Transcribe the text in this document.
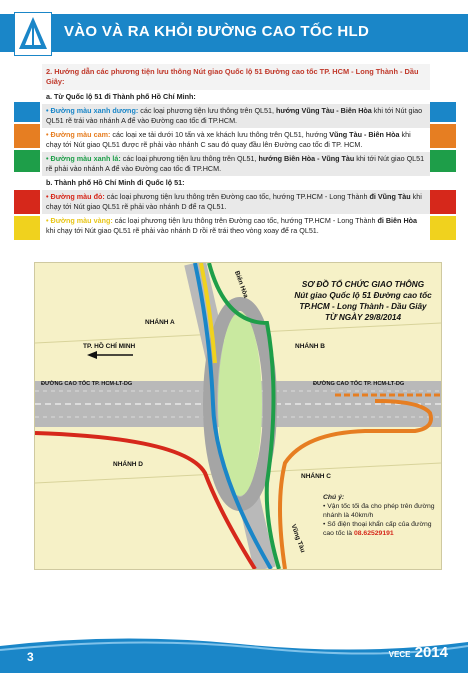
VÀO VÀ RA KHỎI ĐƯỜNG CAO TỐC HLD
2. Hướng dẫn các phương tiện lưu thông Nút giao Quốc lộ 51 Đường cao tốc TP. HCM - Long Thành - Dầu Giây:
a. Từ Quốc lộ 51 đi Thành phố Hồ Chí Minh:
• Đường màu xanh dương: các loại phương tiện lưu thông trên QL51, hướng Vũng Tàu - Biên Hòa khi tới Nút giao QL51 rẽ trái vào nhánh A để vào Đường cao tốc đi TP.HCM.
• Đường màu cam: các loại xe tải dưới 10 tấn và xe khách lưu thông trên QL51, hướng Vũng Tàu - Biên Hòa khi chạy tới Nút giao QL51 được rẽ phải vào nhánh C sau đó quay đầu lên Đường cao tốc đi TP. HCM.
• Đường màu xanh lá: các loại phương tiện lưu thông trên QL51, hướng Biên Hòa - Vũng Tàu khi tới Nút giao QL51 rẽ phải vào nhánh A để vào Đường cao tốc đi TP.HCM.
b. Thành phố Hồ Chí Minh đi Quốc lộ 51:
• Đường màu đỏ: các loại phương tiện lưu thông trên Đường cao tốc, hướng TP.HCM - Long Thành đi Vũng Tàu khi chạy tới Nút giao QL51 rẽ phải vào nhánh D để ra QL51.
• Đường màu vàng: các loại phương tiện lưu thông trên Đường cao tốc, hướng TP.HCM - Long Thành đi Biên Hòa khi chạy tới Nút giao QL51 rẽ phải vào nhánh D rồi rẽ trái theo vòng xoay để ra QL51.
SƠ ĐỒ TỔ CHỨC GIAO THÔNG
Nút giao Quốc lộ 51 Đường cao tốc
TP.HCM - Long Thành - Dầu Giây
TỪ NGÀY 29/8/2014
Biên Hòa
NHÁNH A
NHÁNH B
TP. HỒ CHÍ MINH
ĐƯỜNG CAO TỐC TP. HCM-LT-DG	ĐƯỜNG CAO TỐC TP. HCM-LT-DG
NHÁNH D
NHÁNH C
Vũng Tàu
Chú ý:
• Vận tốc tối đa cho phép trên đường nhánh là 40km/h
• Số điện thoại khẩn cấp của đường cao tốc là 08.62529191
3	VECE 2014
